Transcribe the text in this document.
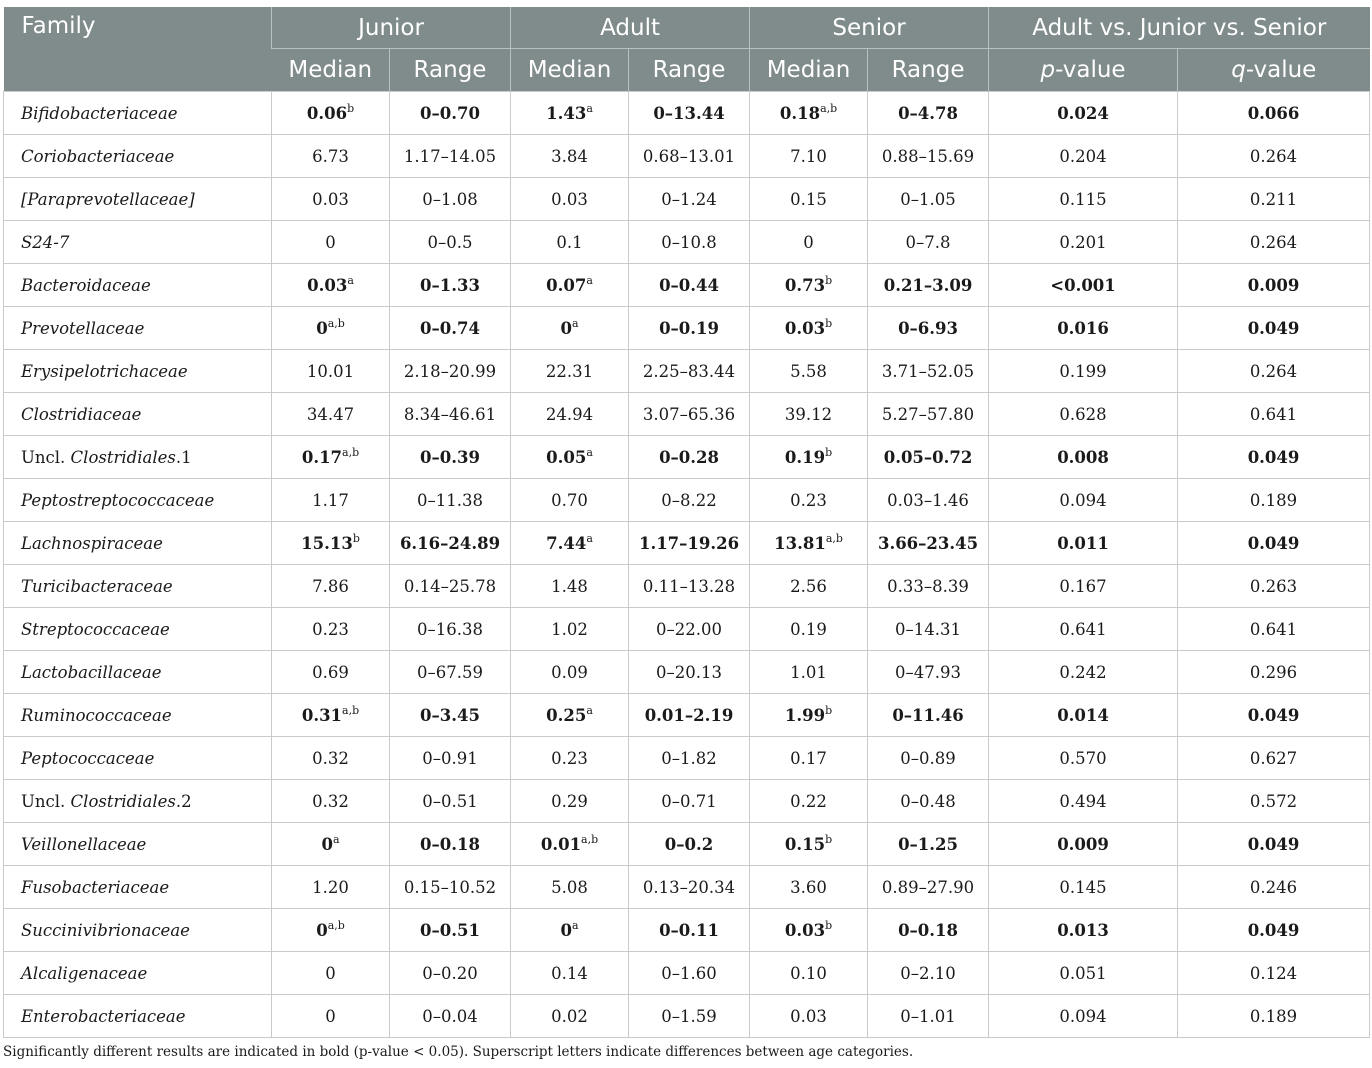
Family	Junior		Adult		Senior		Adult vs. Junior vs. Senior	
	Median	Range	Median	Range	Median	Range	p-value	q-value
Bifidobacteriaceae	0.06$^b$	0–0.70	1.43$^a$	0–13.44	0.18$^{a,b}$	0–4.78	0.024	0.066
Coriobacteriaceae	6.73	1.17–14.05	3.84	0.68–13.01	7.10	0.88–15.69	0.204	0.264
[Paraprevotellaceae]	0.03	0–1.08	0.03	0–1.24	0.15	0–1.05	0.115	0.211
S24-7	0	0–0.5	0.1	0–10.8	0	0–7.8	0.201	0.264
Bacteroidaceae	0.03$^a$	0–1.33	0.07$^a$	0–0.44	0.73$^b$	0.21–3.09	<0.001	0.009
Prevotellaceae	0$^{a,b}$	0–0.74	0$^a$	0–0.19	0.03$^b$	0–6.93	0.016	0.049
Erysipelotrichaceae	10.01	2.18–20.99	22.31	2.25–83.44	5.58	3.71–52.05	0.199	0.264
Clostridiaceae	34.47	8.34–46.61	24.94	3.07–65.36	39.12	5.27–57.80	0.628	0.641
Uncl. Clostridiales.1	0.17$^{a,b}$	0–0.39	0.05$^a$	0–0.28	0.19$^b$	0.05–0.72	0.008	0.049
Peptostreptococcaceae	1.17	0–11.38	0.70	0–8.22	0.23	0.03–1.46	0.094	0.189
Lachnospiraceae	15.13$^b$	6.16–24.89	7.44$^a$	1.17–19.26	13.81$^{a,b}$	3.66–23.45	0.011	0.049
Turicibacteraceae	7.86	0.14–25.78	1.48	0.11–13.28	2.56	0.33–8.39	0.167	0.263
Streptococcaceae	0.23	0–16.38	1.02	0–22.00	0.19	0–14.31	0.641	0.641
Lactobacillaceae	0.69	0–67.59	0.09	0–20.13	1.01	0–47.93	0.242	0.296
Ruminococcaceae	0.31$^{a,b}$	0–3.45	0.25$^a$	0.01–2.19	1.99$^b$	0–11.46	0.014	0.049
Peptococcaceae	0.32	0–0.91	0.23	0–1.82	0.17	0–0.89	0.570	0.627
Uncl. Clostridiales.2	0.32	0–0.51	0.29	0–0.71	0.22	0–0.48	0.494	0.572
Veillonellaceae	0$^a$	0–0.18	0.01$^{a,b}$	0–0.2	0.15$^b$	0–1.25	0.009	0.049
Fusobacteriaceae	1.20	0.15–10.52	5.08	0.13–20.34	3.60	0.89–27.90	0.145	0.246
Succinivibrionaceae	0$^{a,b}$	0–0.51	0$^a$	0–0.11	0.03$^b$	0–0.18	0.013	0.049
Alcaligenaceae	0	0–0.20	0.14	0–1.60	0.10	0–2.10	0.051	0.124
Enterobacteriaceae	0	0–0.04	0.02	0–1.59	0.03	0–1.01	0.094	0.189
Significantly different results are indicated in bold (p-value < 0.05). Superscript letters indicate differences between age categories.
